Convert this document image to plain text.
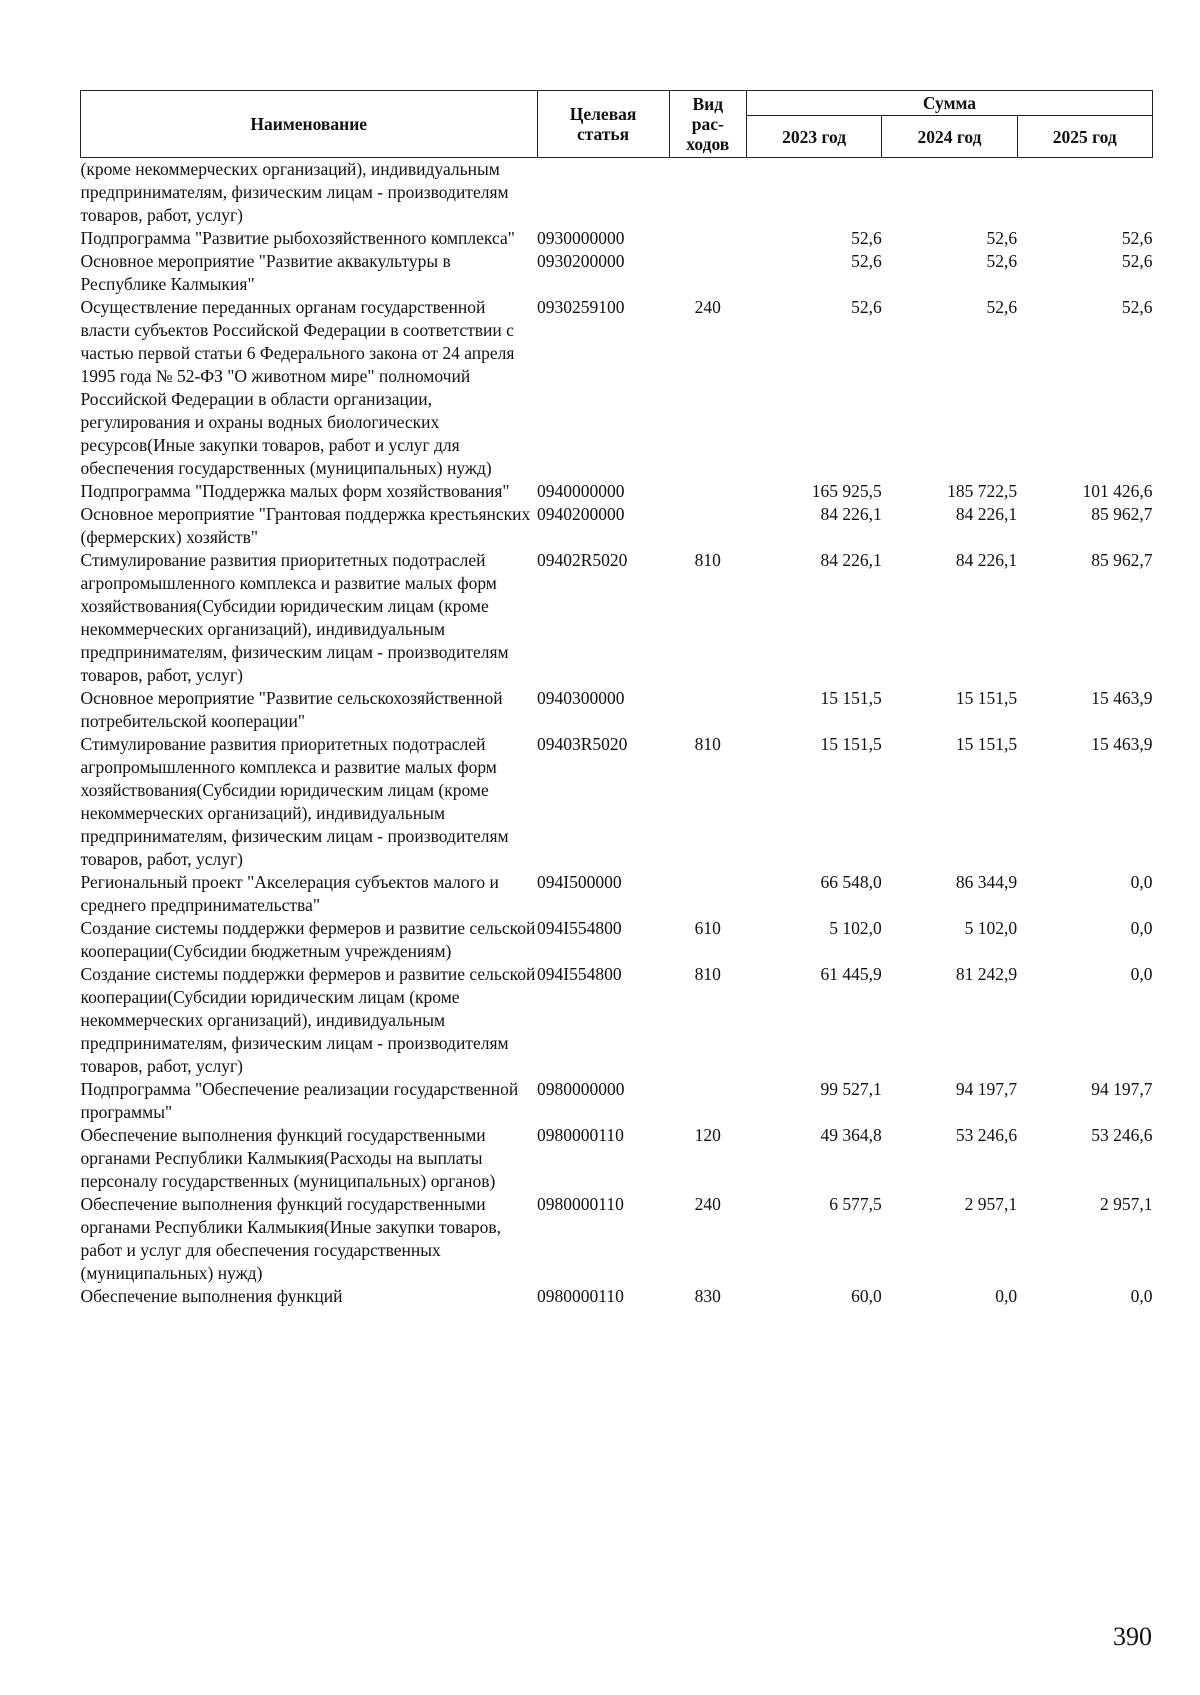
Наименование	Целевая статья	Вид рас-ходов	Сумма		
			2023 год	2024 год	2025 год
(кроме некоммерческих организаций), индивидуальным предпринимателям, физическим лицам - производителям товаров, работ, услуг)					
Подпрограмма "Развитие рыбохозяйственного комплекса"	0930000000		52,6	52,6	52,6
Основное мероприятие "Развитие аквакультуры в Республике Калмыкия"	0930200000		52,6	52,6	52,6
Осуществление переданных органам государственной власти субъектов Российской Федерации в соответствии с частью первой статьи 6 Федерального закона от 24 апреля 1995 года № 52-ФЗ "О животном мире" полномочий Российской Федерации в области организации, регулирования и охраны водных биологических ресурсов(Иные закупки товаров, работ и услуг для обеспечения государственных (муниципальных) нужд)	0930259100	240	52,6	52,6	52,6
Подпрограмма "Поддержка малых форм хозяйствования"	0940000000		165 925,5	185 722,5	101 426,6
Основное мероприятие "Грантовая поддержка крестьянских (фермерских) хозяйств"	0940200000		84 226,1	84 226,1	85 962,7
Стимулирование развития приоритетных подотраслей агропромышленного комплекса и развитие малых форм хозяйствования(Субсидии юридическим лицам (кроме некоммерческих организаций), индивидуальным предпринимателям, физическим лицам - производителям товаров, работ, услуг)	09402R5020	810	84 226,1	84 226,1	85 962,7
Основное мероприятие "Развитие сельскохозяйственной потребительской кооперации"	0940300000		15 151,5	15 151,5	15 463,9
Стимулирование развития приоритетных подотраслей агропромышленного комплекса и развитие малых форм хозяйствования(Субсидии юридическим лицам (кроме некоммерческих организаций), индивидуальным предпринимателям, физическим лицам - производителям товаров, работ, услуг)	09403R5020	810	15 151,5	15 151,5	15 463,9
Региональный проект "Акселерация субъектов малого и среднего предпринимательства"	094I500000		66 548,0	86 344,9	0,0
Создание системы поддержки фермеров и развитие сельской кооперации(Субсидии бюджетным учреждениям)	094I554800	610	5 102,0	5 102,0	0,0
Создание системы поддержки фермеров и развитие сельской кооперации(Субсидии юридическим лицам (кроме некоммерческих организаций), индивидуальным предпринимателям, физическим лицам - производителям товаров, работ, услуг)	094I554800	810	61 445,9	81 242,9	0,0
Подпрограмма "Обеспечение реализации государственной программы"	0980000000		99 527,1	94 197,7	94 197,7
Обеспечение выполнения функций государственными органами Республики Калмыкия(Расходы на выплаты персоналу государственных (муниципальных) органов)	0980000110	120	49 364,8	53 246,6	53 246,6
Обеспечение выполнения функций государственными органами Республики Калмыкия(Иные закупки товаров, работ и услуг для обеспечения государственных (муниципальных) нужд)	0980000110	240	6 577,5	2 957,1	2 957,1
Обеспечение выполнения функций	0980000110	830	60,0	0,0	0,0
390
